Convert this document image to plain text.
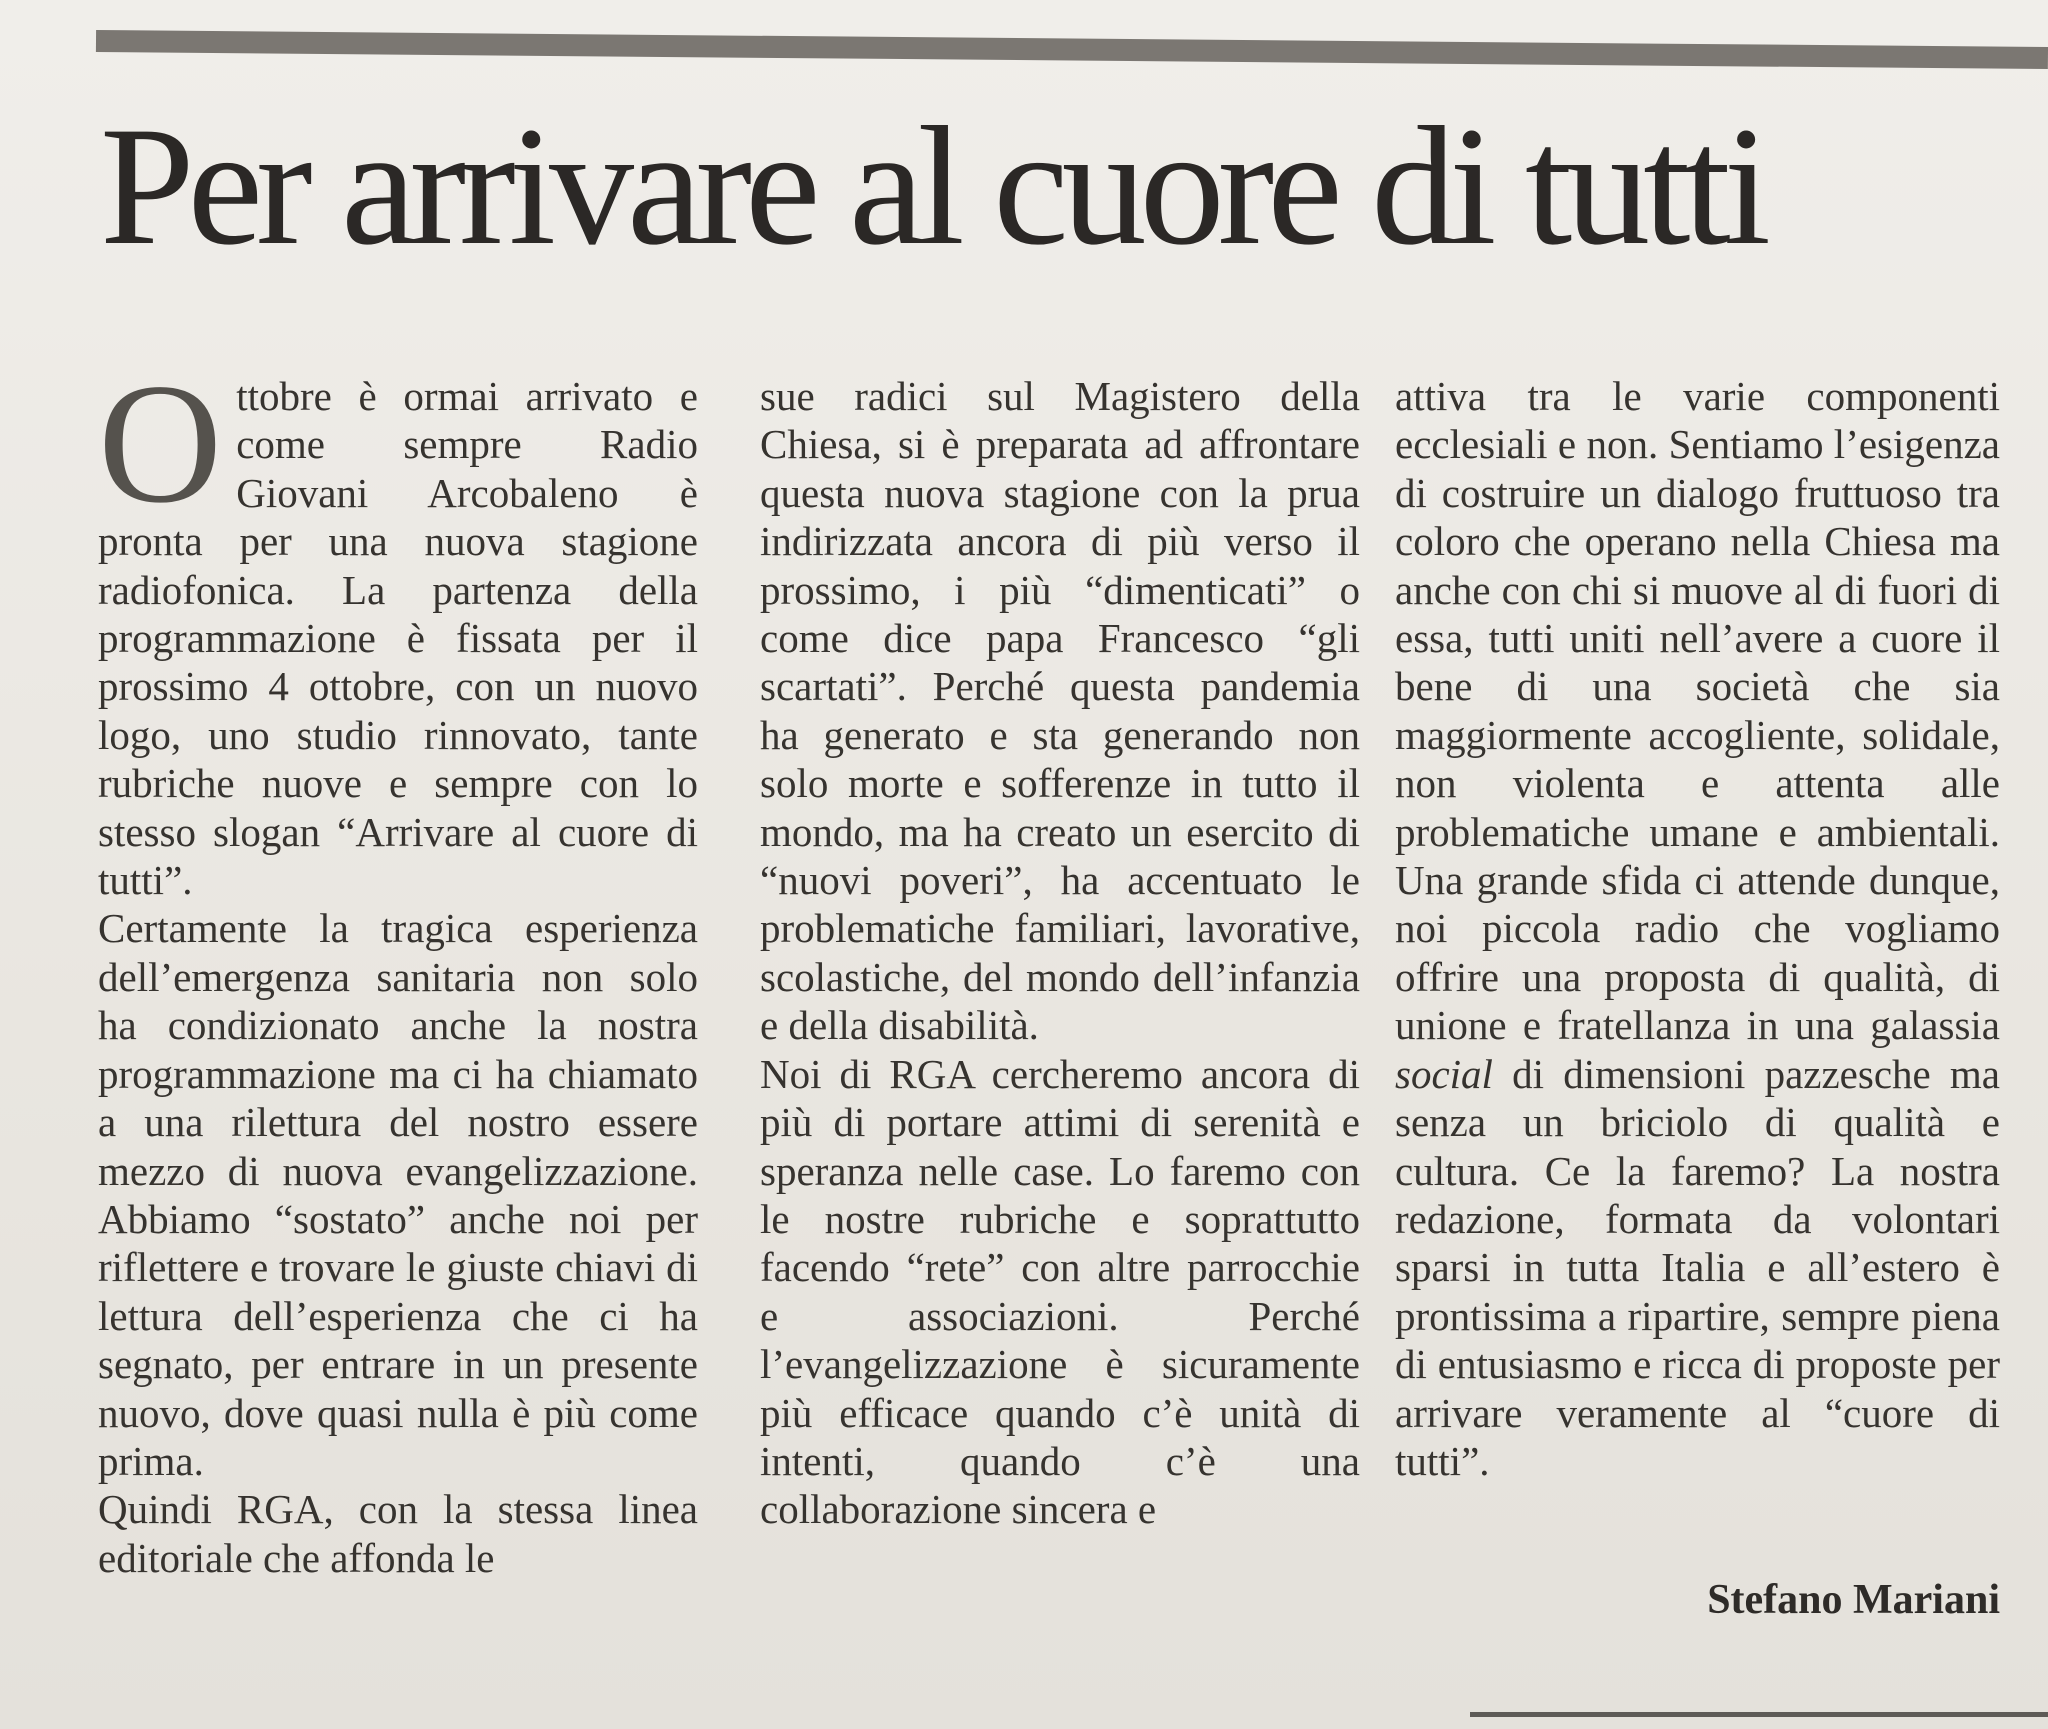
Per arrivare al cuore di tutti

Ottobre è ormai arrivato e come sempre Radio Giovani Arcobaleno è pronta per una nuova stagione radiofonica. La partenza della programmazione è fissata per il prossimo 4 ottobre, con un nuovo logo, uno studio rinnovato, tante rubriche nuove e sempre con lo stesso slogan “Arrivare al cuore di tutti”.

Certamente la tragica esperienza dell’emergenza sanitaria non solo ha condizionato anche la nostra programmazione ma ci ha chiamato a una rilettura del nostro essere mezzo di nuova evangelizzazione. Abbiamo “sostato” anche noi per riflettere e trovare le giuste chiavi di lettura dell’esperienza che ci ha segnato, per entrare in un presente nuovo, dove quasi nulla è più come prima.

Quindi RGA, con la stessa linea editoriale che affonda le

sue radici sul Magistero della Chiesa, si è preparata ad affrontare questa nuova stagione con la prua indirizzata ancora di più verso il prossimo, i più “dimenticati” o come dice papa Francesco “gli scartati”. Perché questa pandemia ha generato e sta generando non solo morte e sofferenze in tutto il mondo, ma ha creato un esercito di “nuovi poveri”, ha accentuato le problematiche familiari, lavorative, scolastiche, del mondo dell’infanzia e della disabilità.

Noi di RGA cercheremo ancora di più di portare attimi di serenità e speranza nelle case. Lo faremo con le nostre rubriche e soprattutto facendo “rete” con altre parrocchie e associazioni. Perché l’evangelizzazione è sicuramente più efficace quando c’è unità di intenti, quando c’è una collaborazione sincera e

attiva tra le varie componenti ecclesiali e non. Sentiamo l’esigenza di costruire un dialogo fruttuoso tra coloro che operano nella Chiesa ma anche con chi si muove al di fuori di essa, tutti uniti nell’avere a cuore il bene di una società che sia maggiormente accogliente, solidale, non violenta e attenta alle problematiche umane e ambientali. Una grande sfida ci attende dunque, noi piccola radio che vogliamo offrire una proposta di qualità, di unione e fratellanza in una galassia social di dimensioni pazzesche ma senza un briciolo di qualità e cultura. Ce la faremo? La nostra redazione, formata da volontari sparsi in tutta Italia e all’estero è prontissima a ripartire, sempre piena di entusiasmo e ricca di proposte per arrivare veramente al “cuore di tutti”.

Stefano Mariani
